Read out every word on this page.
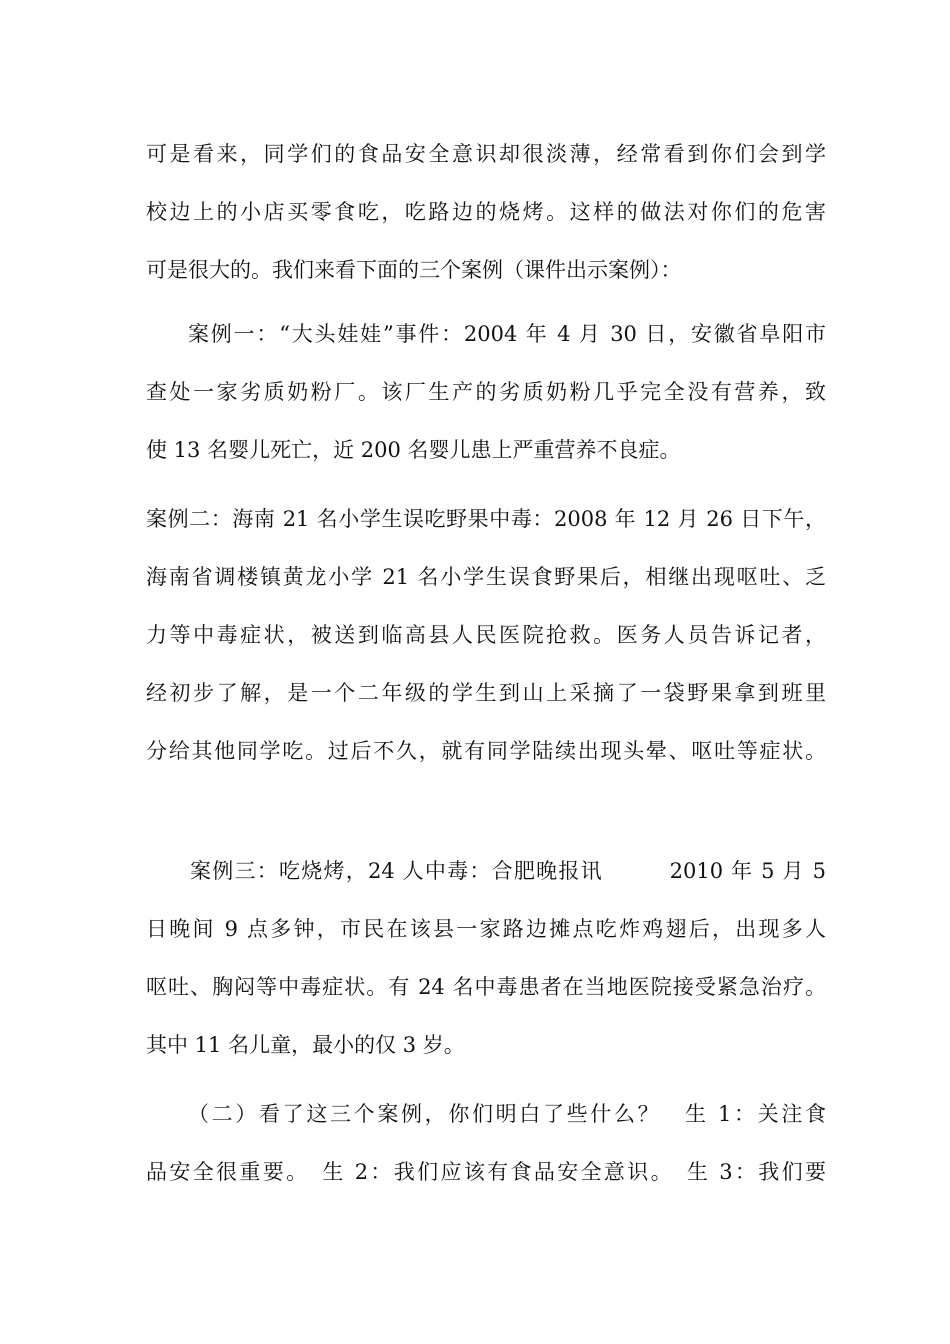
可是看来，同学们的食品安全意识却很淡薄，经常看到你们会到学
校边上的小店买零食吃，吃路边的烧烤。这样的做法对你们的危害
可是很大的。我们来看下面的三个案例（课件出示案例）：
案例一：“大头娃娃”事件：2004 年 4 月 30 日，安徽省阜阳市
查处一家劣质奶粉厂。该厂生产的劣质奶粉几乎完全没有营养，致
使 13 名婴儿死亡，近 200 名婴儿患上严重营养不良症。
案例二：海南 21 名小学生误吃野果中毒：2008 年 12 月 26 日下午，
海南省调楼镇黄龙小学 21 名小学生误食野果后，相继出现呕吐、乏
力等中毒症状，被送到临高县人民医院抢救。医务人员告诉记者，
经初步了解，是一个二年级的学生到山上采摘了一袋野果拿到班里
分给其他同学吃。过后不久，就有同学陆续出现头晕、呕吐等症状。
案例三：吃烧烤，24 人中毒：合肥晚报讯　　　2010 年 5 月 5
日晚间 9 点多钟，市民在该县一家路边摊点吃炸鸡翅后，出现多人
呕吐、胸闷等中毒症状。有 24 名中毒患者在当地医院接受紧急治疗。
其中 11 名儿童，最小的仅 3 岁。
（二）看了这三个案例，你们明白了些什么？　生 1：关注食
品安全很重要。　生 2：我们应该有食品安全意识。　生 3：我们要
